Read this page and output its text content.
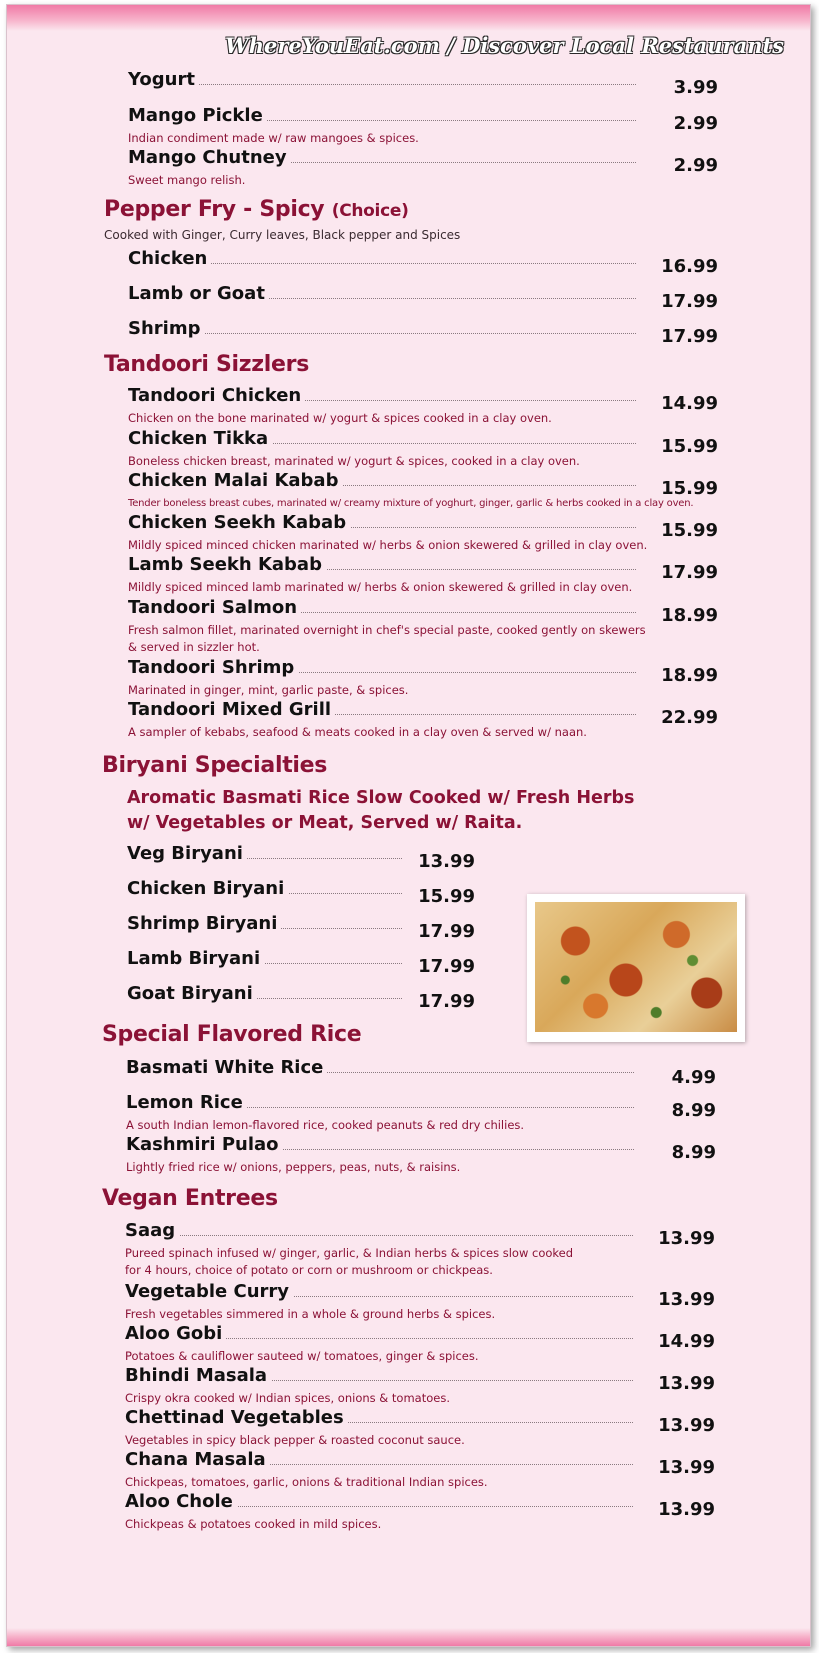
WhereYouEat.com / Discover Local Restaurants
Yogurt	3.99
Mango Pickle	2.99
Indian condiment made w/ raw mangoes & spices.
Mango Chutney	2.99
Sweet mango relish.
Pepper Fry - Spicy (Choice)
Cooked with Ginger, Curry leaves, Black pepper and Spices
Chicken	16.99
Lamb or Goat	17.99
Shrimp	17.99
Tandoori Sizzlers
Tandoori Chicken	14.99
Chicken on the bone marinated w/ yogurt & spices cooked in a clay oven.
Chicken Tikka	15.99
Boneless chicken breast, marinated w/ yogurt & spices, cooked in a clay oven.
Chicken Malai Kabab	15.99
Tender boneless breast cubes, marinated w/ creamy mixture of yoghurt, ginger, garlic & herbs cooked in a clay oven.
Chicken Seekh Kabab	15.99
Mildly spiced minced chicken marinated w/ herbs & onion skewered & grilled in clay oven.
Lamb Seekh Kabab	17.99
Mildly spiced minced lamb marinated w/ herbs & onion skewered & grilled in clay oven.
Tandoori Salmon	18.99
Fresh salmon fillet, marinated overnight in chef's special paste, cooked gently on skewers
& served in sizzler hot.
Tandoori Shrimp	18.99
Marinated in ginger, mint, garlic paste, & spices.
Tandoori Mixed Grill	22.99
A sampler of kebabs, seafood & meats cooked in a clay oven & served w/ naan.
Biryani Specialties
Aromatic Basmati Rice Slow Cooked w/ Fresh Herbs
w/ Vegetables or Meat, Served w/ Raita.
Veg Biryani	13.99
Chicken Biryani	15.99
Shrimp Biryani	17.99
Lamb Biryani	17.99
Goat Biryani	17.99
Special Flavored Rice
Basmati White Rice	4.99
Lemon Rice	8.99
A south Indian lemon-flavored rice, cooked peanuts & red dry chilies.
Kashmiri Pulao	8.99
Lightly fried rice w/ onions, peppers, peas, nuts, & raisins.
Vegan Entrees
Saag	13.99
Pureed spinach infused w/ ginger, garlic, & Indian herbs & spices slow cooked
for 4 hours, choice of potato or corn or mushroom or chickpeas.
Vegetable Curry	13.99
Fresh vegetables simmered in a whole & ground herbs & spices.
Aloo Gobi	14.99
Potatoes & cauliflower sauteed w/ tomatoes, ginger & spices.
Bhindi Masala	13.99
Crispy okra cooked w/ Indian spices, onions & tomatoes.
Chettinad Vegetables	13.99
Vegetables in spicy black pepper & roasted coconut sauce.
Chana Masala	13.99
Chickpeas, tomatoes, garlic, onions & traditional Indian spices.
Aloo Chole	13.99
Chickpeas & potatoes cooked in mild spices.
